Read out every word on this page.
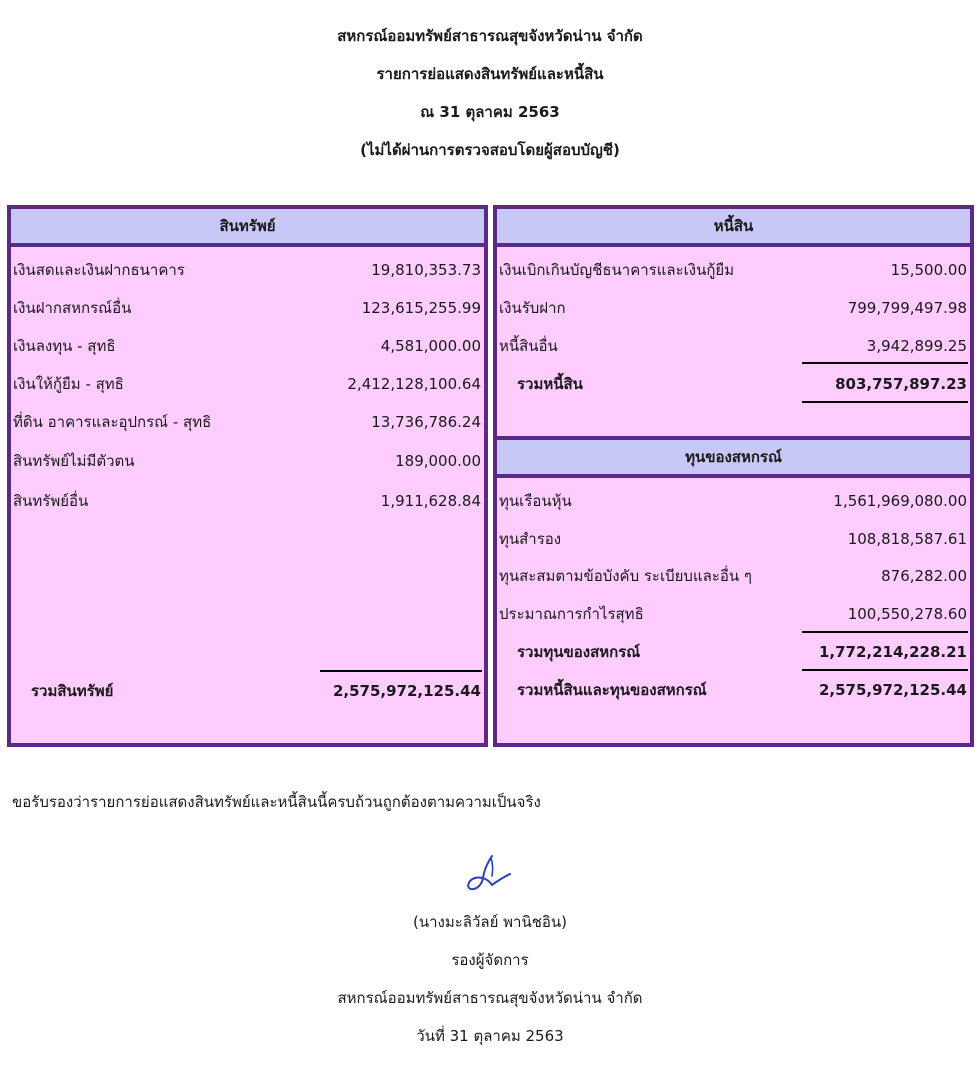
สหกรณ์ออมทรัพย์สาธารณสุขจังหวัดน่าน จำกัด
รายการย่อแสดงสินทรัพย์และหนี้สิน
ณ 31 ตุลาคม 2563
(ไม่ได้ผ่านการตรวจสอบโดยผู้สอบบัญชี)
สินทรัพย์
เงินสดและเงินฝากธนาคาร	19,810,353.73
เงินฝากสหกรณ์อื่น	123,615,255.99
เงินลงทุน - สุทธิ	4,581,000.00
เงินให้กู้ยืม - สุทธิ	2,412,128,100.64
ที่ดิน อาคารและอุปกรณ์ - สุทธิ	13,736,786.24
สินทรัพย์ไม่มีตัวตน	189,000.00
สินทรัพย์อื่น	1,911,628.84
รวมสินทรัพย์	2,575,972,125.44
หนี้สิน
เงินเบิกเกินบัญชีธนาคารและเงินกู้ยืม	15,500.00
เงินรับฝาก	799,799,497.98
หนี้สินอื่น	3,942,899.25
รวมหนี้สิน	803,757,897.23
ทุนของสหกรณ์
ทุนเรือนหุ้น	1,561,969,080.00
ทุนสำรอง	108,818,587.61
ทุนสะสมตามข้อบังคับ ระเบียบและอื่น ๆ	876,282.00
ประมาณการกำไรสุทธิ	100,550,278.60
รวมทุนของสหกรณ์	1,772,214,228.21
รวมหนี้สินและทุนของสหกรณ์	2,575,972,125.44
ขอรับรองว่ารายการย่อแสดงสินทรัพย์และหนี้สินนี้ครบถ้วนถูกต้องตามความเป็นจริง
(นางมะลิวัลย์ พานิชอิน)
รองผู้จัดการ
สหกรณ์ออมทรัพย์สาธารณสุขจังหวัดน่าน จำกัด
วันที่ 31 ตุลาคม 2563
